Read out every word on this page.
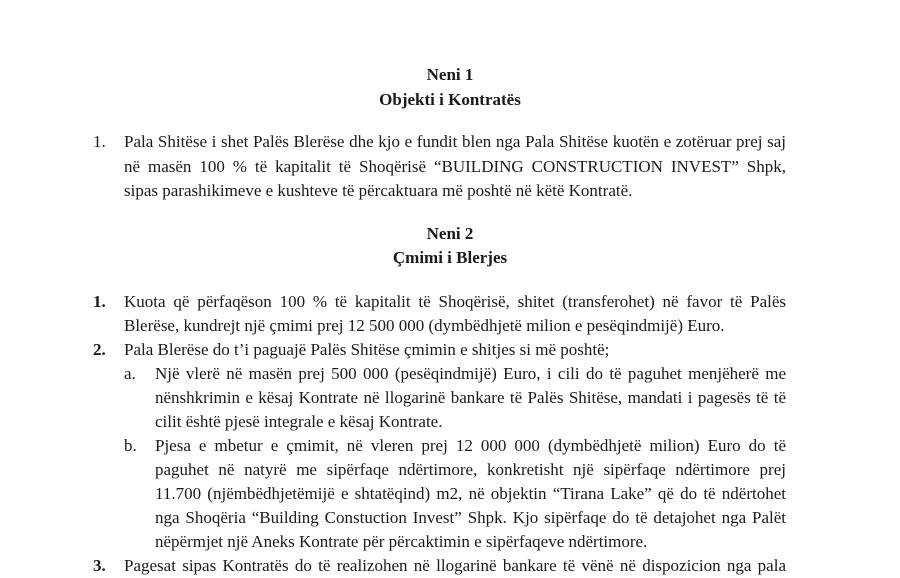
Neni 1
Objekti i Kontratës
1. Pala Shitëse i shet Palës Blerëse dhe kjo e fundit blen nga Pala Shitëse kuotën e zotëruar prej saj
në masën 100 % të kapitalit të Shoqërisë “BUILDING CONSTRUCTION INVEST” Shpk,
sipas parashikimeve e kushteve të përcaktuara më poshtë në këtë Kontratë.
Neni 2
Çmimi i Blerjes
1. Kuota që përfaqëson 100 % të kapitalit të Shoqërisë, shitet (transferohet) në favor të Palës
Blerëse, kundrejt një çmimi prej 12 500 000 (dymbëdhjetë milion e pesëqindmijë) Euro.
2. Pala Blerëse do t’i paguajë Palës Shitëse çmimin e shitjes si më poshtë;
a. Një vlerë në masën prej 500 000 (pesëqindmijë) Euro, i cili do të paguhet menjëherë me
nënshkrimin e kësaj Kontrate në llogarinë bankare të Palës Shitëse, mandati i pagesës të të
cilit është pjesë integrale e kësaj Kontrate.
b. Pjesa e mbetur e çmimit, në vleren prej 12 000 000 (dymbëdhjetë milion) Euro do të
paguhet në natyrë me sipërfaqe ndërtimore, konkretisht një sipërfaqe ndërtimore prej
11.700 (njëmbëdhjetëmijë e shtatëqind) m2, në objektin “Tirana Lake” që do të ndërtohet
nga Shoqëria “Building Constuction Invest” Shpk. Kjo sipërfaqe do të detajohet nga Palët
nëpërmjet një Aneks Kontrate për përcaktimin e sipërfaqeve ndërtimore.
3. Pagesat sipas Kontratës do të realizohen në llogarinë bankare të vënë në dispozicion nga pala
